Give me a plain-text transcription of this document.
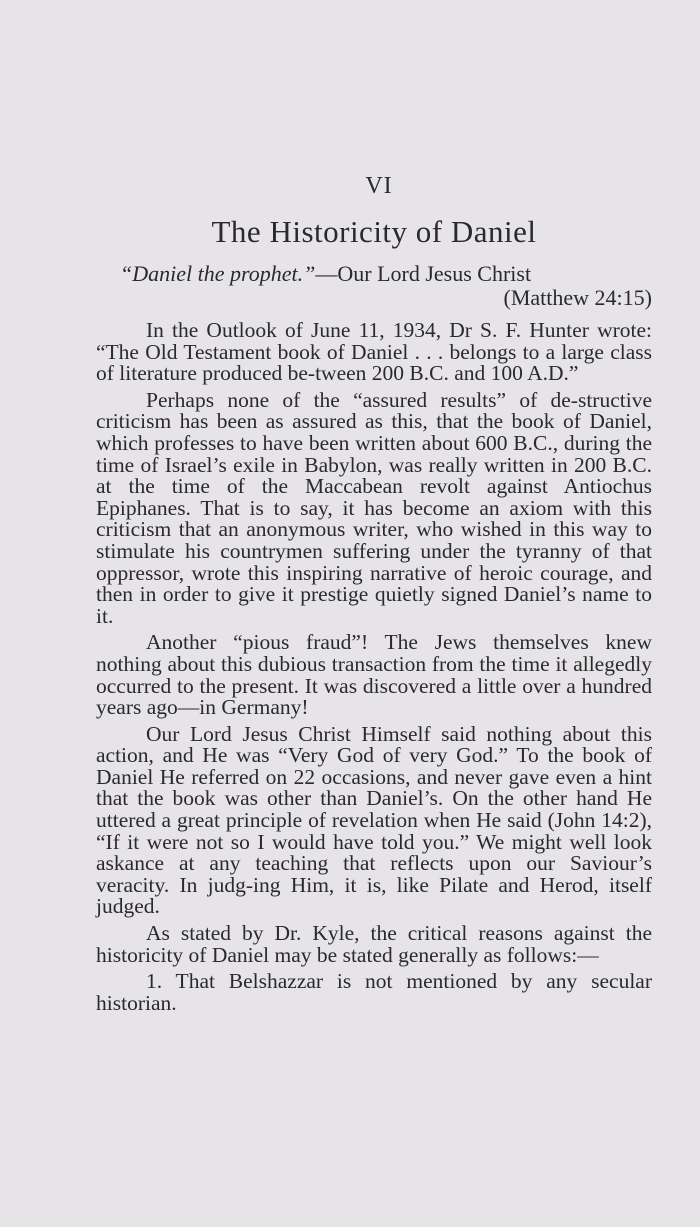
VI
The Historicity of Daniel
“Daniel the prophet.”—Our Lord Jesus Christ
(Matthew 24:15)

In the Outlook of June 11, 1934, Dr S. F. Hunter wrote: “The Old Testament book of Daniel . . . belongs to a large class of literature produced be-tween 200 B.C. and 100 A.D.”

Perhaps none of the “assured results” of de-structive criticism has been as assured as this, that the book of Daniel, which professes to have been written about 600 B.C., during the time of Israel’s exile in Babylon, was really written in 200 B.C. at the time of the Maccabean revolt against Antiochus Epiphanes. That is to say, it has become an axiom with this criticism that an anonymous writer, who wished in this way to stimulate his countrymen suffering under the tyranny of that oppressor, wrote this inspiring narrative of heroic courage, and then in order to give it prestige quietly signed Daniel’s name to it.

Another “pious fraud”! The Jews themselves knew nothing about this dubious transaction from the time it allegedly occurred to the present. It was discovered a little over a hundred years ago—in Germany!

Our Lord Jesus Christ Himself said nothing about this action, and He was “Very God of very God.” To the book of Daniel He referred on 22 occasions, and never gave even a hint that the book was other than Daniel’s. On the other hand He uttered a great principle of revelation when He said (John 14:2), “If it were not so I would have told you.” We might well look askance at any teaching that reflects upon our Saviour’s veracity. In judg-ing Him, it is, like Pilate and Herod, itself judged.

As stated by Dr. Kyle, the critical reasons against the historicity of Daniel may be stated generally as follows:—

1. That Belshazzar is not mentioned by any secular historian.
